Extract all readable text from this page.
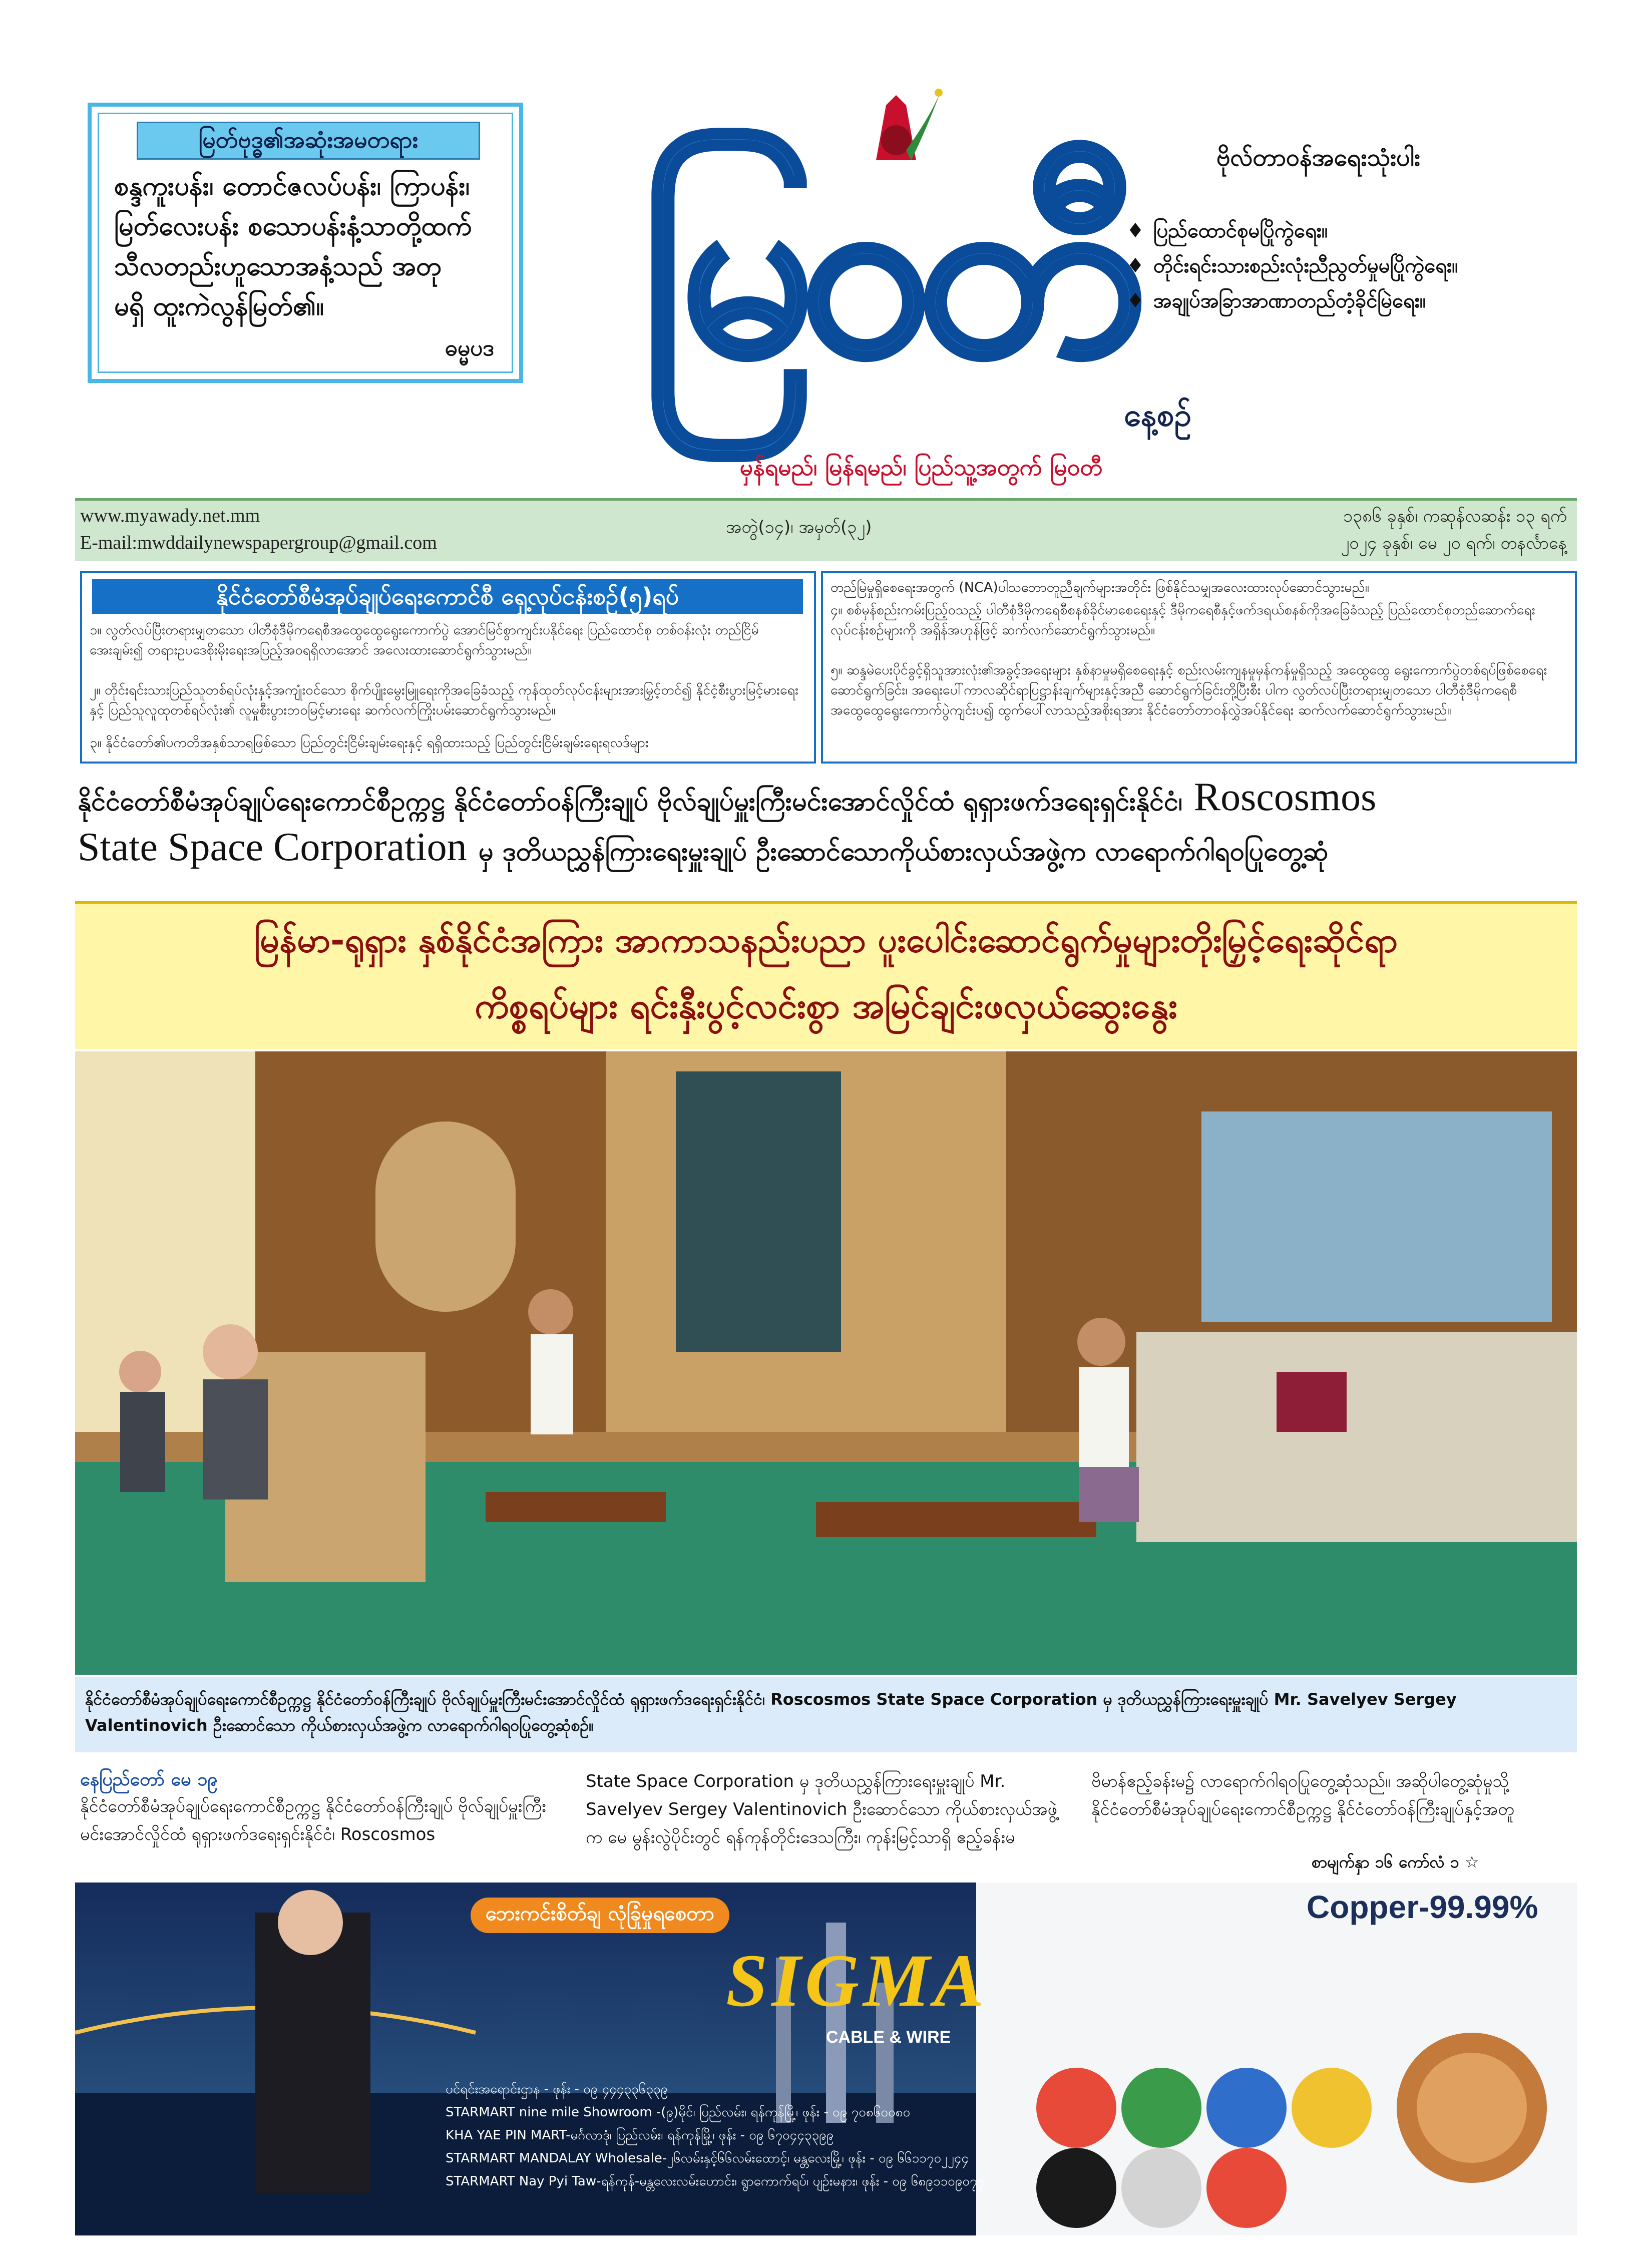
မြတ်ဗုဒ္ဓ၏အဆုံးအမတရား
စန္ဒကူးပန်း၊ တောင်ဇလပ်ပန်း၊ ကြာပန်း၊
မြတ်လေးပန်း စသောပန်းနံ့သာတို့ထက်
သီလတည်းဟူသောအနံ့သည် အတု
မရှိ ထူးကဲလွန်မြတ်၏။
ဓမ္မပဒ မြဝတီ
နေ့စဉ်
မှန်ရမည်၊ မြန်ရမည်၊ ပြည်သူ့အတွက် မြဝတီ
ဗိုလ်တာဝန်အရေးသုံးပါး
♦ ပြည်ထောင်စုမပြိုကွဲရေး။
♦ တိုင်းရင်းသားစည်းလုံးညီညွတ်မှုမပြိုကွဲရေး။
♦ အချုပ်အခြာအာဏာတည်တံ့ခိုင်မြဲရေး။
www.myawady.net.mm
E-mail:mwddailynewspapergroup@gmail.com
အတွဲ(၁၄)၊ အမှတ်(၃၂)
၁၃၈၆ ခုနှစ်၊ ကဆုန်လဆန်း ၁၃ ရက်
၂၀၂၄ ခုနှစ်၊ မေ ၂၀ ရက်၊ တနင်္လာနေ့
နိုင်ငံတော်စီမံအုပ်ချုပ်ရေးကောင်စီ ရှေ့လုပ်ငန်းစဉ်(၅)ရပ်
၁။ လွတ်လပ်ပြီးတရားမျှတသော ပါတီစုံဒီမိုကရေစီအထွေထွေရွေးကောက်ပွဲ အောင်မြင်စွာကျင်းပနိုင်ရေး ပြည်ထောင်စု တစ်ဝန်းလုံး တည်ငြိမ်အေးချမ်း၍ တရားဥပဒေစိုးမိုးရေးအပြည့်အဝရရှိလာအောင် အလေးထားဆောင်ရွက်သွားမည်။
၂။ တိုင်းရင်းသားပြည်သူတစ်ရပ်လုံးနှင့်အကျုံးဝင်သော စိုက်ပျိုးမွေးမြူရေးကိုအခြေခံသည့် ကုန်ထုတ်လုပ်ငန်းများအားမြှင့်တင်၍ နိုင်ငံ့စီးပွားမြင့်မားရေးနှင့် ပြည်သူလူထုတစ်ရပ်လုံး၏ လူမှုစီးပွားဘဝမြင့်မားရေး ဆက်လက်ကြိုးပမ်းဆောင်ရွက်သွားမည်။
၃။ နိုင်ငံတော်၏ပကတိအနှစ်သာရဖြစ်သော ပြည်တွင်းငြိမ်းချမ်းရေးနှင့် ရရှိထားသည့် ပြည်တွင်းငြိမ်းချမ်းရေးရလဒ်များ
တည်မြဲမှုရှိစေရေးအတွက် (NCA)ပါသဘောတူညီချက်များအတိုင်း ဖြစ်နိုင်သမျှအလေးထားလုပ်ဆောင်သွားမည်။
၄။ စစ်မှန်စည်းကမ်းပြည့်ဝသည့် ပါတီစုံဒီမိုကရေစီစနစ်ခိုင်မာစေရေးနှင့် ဒီမိုကရေစီနှင့်ဖက်ဒရယ်စနစ်ကိုအခြေခံသည့် ပြည်ထောင်စုတည်ဆောက်ရေးလုပ်ငန်းစဉ်များကို အရှိန်အဟုန်ဖြင့် ဆက်လက်ဆောင်ရွက်သွားမည်။
၅။ ဆန္ဒမဲပေးပိုင်ခွင့်ရှိသူအားလုံး၏အခွင့်အရေးများ နှစ်နာမှုမရှိစေရေးနှင့် စည်းလမ်းကျနမှုမှန်ကန်မှုရှိသည့် အထွေထွေ ရွေးကောက်ပွဲတစ်ရပ်ဖြစ်စေရေးဆောင်ရွက်ခြင်း၊ အရေးပေါ်ကာလဆိုင်ရာပြဋ္ဌာန်းချက်များနှင့်အညီ ဆောင်ရွက်ခြင်းတို့ပြီးစီး ပါက လွတ်လပ်ပြီးတရားမျှတသော ပါတီစုံဒီမိုကရေစီအထွေထွေရွေးကောက်ပွဲကျင်းပ၍ ထွက်ပေါ်လာသည့်အစိုးရအား နိုင်ငံတော်တာဝန်လွှဲအပ်နိုင်ရေး ဆက်လက်ဆောင်ရွက်သွားမည်။
နိုင်ငံတော်စီမံအုပ်ချုပ်ရေးကောင်စီဥက္ကဋ္ဌ နိုင်ငံတော်ဝန်ကြီးချုပ် ဗိုလ်ချုပ်မှူးကြီးမင်းအောင်လှိုင်ထံ ရုရှားဖက်ဒရေးရှင်းနိုင်ငံ၊ Roscosmos
State Space Corporation မှ ဒုတိယညွှန်ကြားရေးမှူးချုပ် ဦးဆောင်သောကိုယ်စားလှယ်အဖွဲ့က လာရောက်ဂါရဝပြုတွေ့ဆုံ
မြန်မာ-ရုရှား နှစ်နိုင်ငံအကြား အာကာသနည်းပညာ ပူးပေါင်းဆောင်ရွက်မှုများတိုးမြှင့်ရေးဆိုင်ရာ
ကိစ္စရပ်များ ရင်းနှီးပွင့်လင်းစွာ အမြင်ချင်းဖလှယ်ဆွေးနွေး
နိုင်ငံတော်စီမံအုပ်ချုပ်ရေးကောင်စီဥက္ကဋ္ဌ နိုင်ငံတော်ဝန်ကြီးချုပ် ဗိုလ်ချုပ်မှူးကြီးမင်းအောင်လှိုင်ထံ ရုရှားဖက်ဒရေးရှင်းနိုင်ငံ၊ Roscosmos State Space Corporation မှ ဒုတိယညွှန်ကြားရေးမှူးချုပ် Mr. Savelyev Sergey Valentinovich ဦးဆောင်သော ကိုယ်စားလှယ်အဖွဲ့က လာရောက်ဂါရဝပြုတွေ့ဆုံစဉ်။
နေပြည်တော် မေ ၁၉
နိုင်ငံတော်စီမံအုပ်ချုပ်ရေးကောင်စီဥက္ကဋ္ဌ နိုင်ငံတော်ဝန်ကြီးချုပ် ဗိုလ်ချုပ်မှူးကြီးမင်းအောင်လှိုင်ထံ ရုရှားဖက်ဒရေးရှင်းနိုင်ငံ၊ Roscosmos
State Space Corporation မှ ဒုတိယညွှန်ကြားရေးမှူးချုပ် Mr. Savelyev Sergey Valentinovich ဦးဆောင်သော ကိုယ်စားလှယ်အဖွဲ့က မေ မွန်းလွဲပိုင်းတွင် ရန်ကုန်တိုင်းဒေသကြီး၊ ကုန်းမြင့်သာရှိ ဧည့်ခန်းမ
ဗိမာန်ဧည့်ခန်းမ၌ လာရောက်ဂါရဝပြုတွေ့ဆုံသည်။ အဆိုပါတွေ့ဆုံမှုသို့ နိုင်ငံတော်စီမံအုပ်ချုပ်ရေးကောင်စီဥက္ကဋ္ဌ နိုင်ငံတော်ဝန်ကြီးချုပ်နှင့်အတူ
စာမျက်နှာ ၁၆ ကော်လံ ၁ ☆
ဘေးကင်းစိတ်ချ လုံခြုံမှုရစေတာ
SIGMA
CABLE & WIRE
Copper-99.99%
ပင်ရင်းအရောင်းဌာန - ဖုန်း - ၀၉ ၄၄၄၃၃၆၃၃၉
STARMART nine mile Showroom -(၉)မိုင်၊ ပြည်လမ်း၊ ရန်ကုန်မြို့၊ ဖုန်း - ၀၉ ၇၀၈၆၀၀၈၀
KHA YAE PIN MART-မင်္ဂလာဒုံ၊ ပြည်လမ်း၊ ရန်ကုန်မြို့၊ ဖုန်း - ၀၉ ၆၇၀၄၄၃၃၉၉
STARMART MANDALAY Wholesale-၂၆လမ်းနှင့်၆၆လမ်းထောင့်၊ မန္တလေးမြို့၊ ဖုန်း - ၀၉ ၆၆၁၁၇၀၂၂၄၄
STARMART Nay Pyi Taw-ရန်ကုန်-မန္တလေးလမ်းဟောင်း၊ ရွာကောက်ရပ်၊ ပျဉ်းမနား၊ ဖုန်း - ၀၉ ၆၈၉၁၁၀၉၀၇၇
